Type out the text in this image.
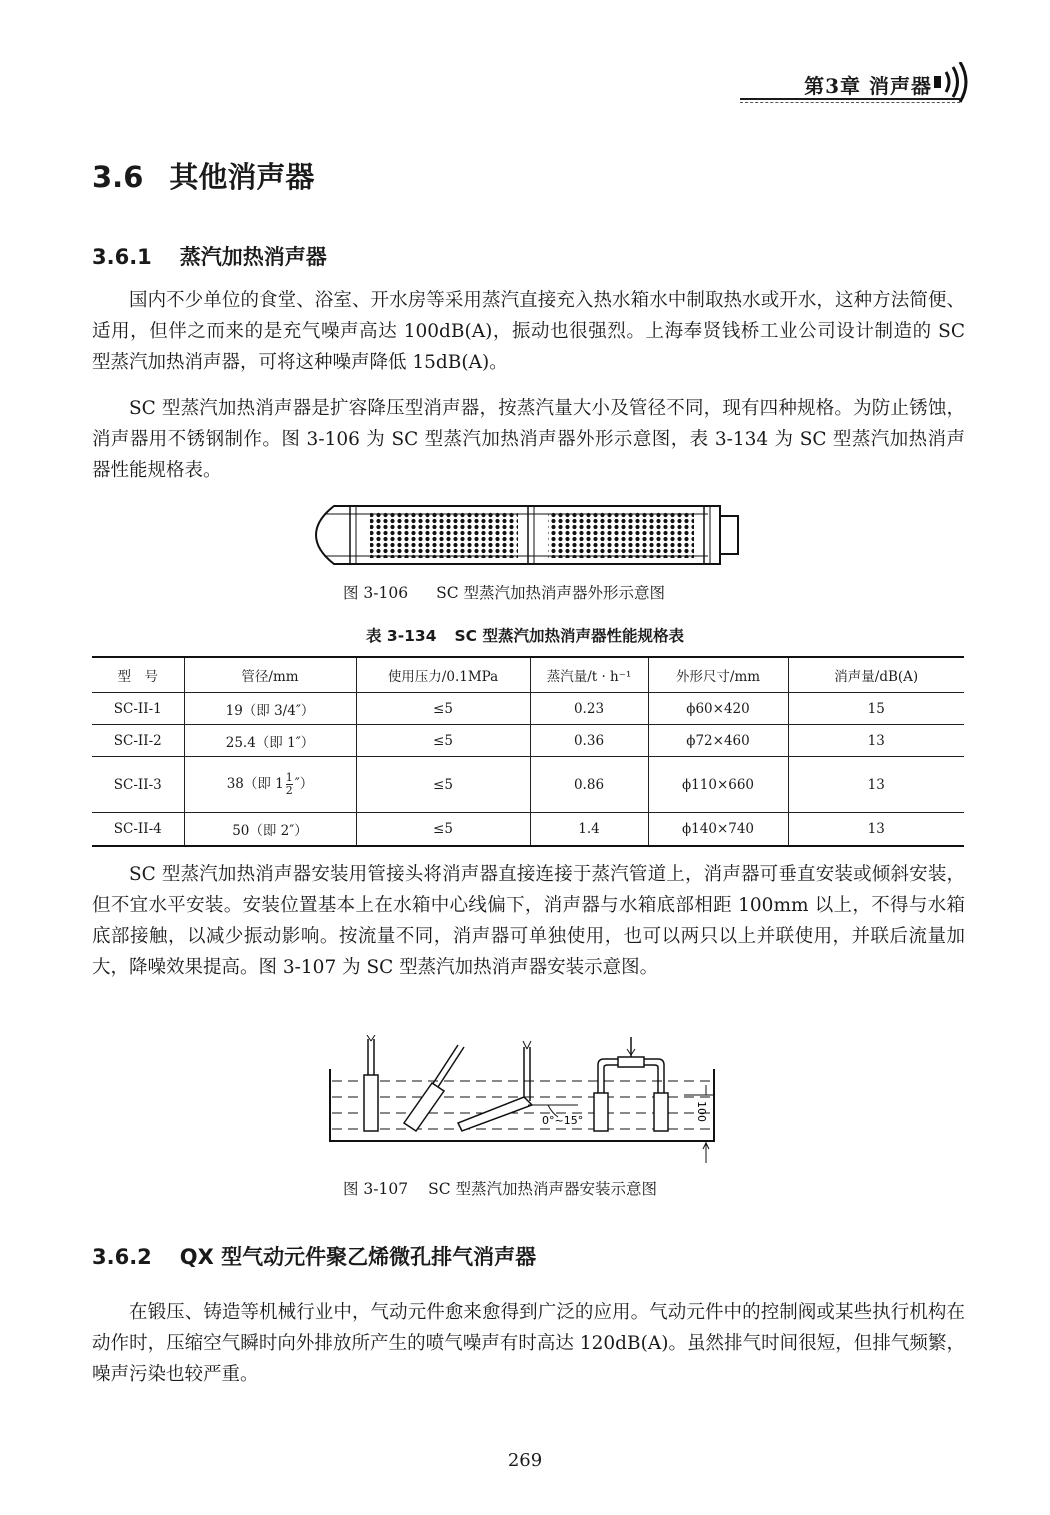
第3章 消声器
3.6 其他消声器
3.6.1 蒸汽加热消声器
国内不少单位的食堂、浴室、开水房等采用蒸汽直接充入热水箱水中制取热水或开水，这种方法简便、适用，但伴之而来的是充气噪声高达 100dB(A)，振动也很强烈。上海奉贤钱桥工业公司设计制造的 SC 型蒸汽加热消声器，可将这种噪声降低 15dB(A)。
SC 型蒸汽加热消声器是扩容降压型消声器，按蒸汽量大小及管径不同，现有四种规格。为防止锈蚀，消声器用不锈钢制作。图 3-106 为 SC 型蒸汽加热消声器外形示意图，表 3-134 为 SC 型蒸汽加热消声器性能规格表。
图 3-106 SC 型蒸汽加热消声器外形示意图
表 3-134 SC 型蒸汽加热消声器性能规格表
型　号	管径/mm	使用压力/0.1MPa	蒸汽量/t · h⁻¹	外形尺寸/mm	消声量/dB(A)
SC-II-1	19（即 3/4″）	≤5	0.23	ϕ60×420	15
SC-II-2	25.4（即 1″）	≤5	0.36	ϕ72×460	13
SC-II-3	38（即 $1 \frac{1}{2}$ ″）	≤5	0.86	ϕ110×660	13
SC-II-4	50（即 2″）	≤5	1.4	ϕ140×740	13
SC 型蒸汽加热消声器安装用管接头将消声器直接连接于蒸汽管道上，消声器可垂直安装或倾斜安装，但不宜水平安装。安装位置基本上在水箱中心线偏下，消声器与水箱底部相距 100mm 以上，不得与水箱底部接触，以减少振动影响。按流量不同，消声器可单独使用，也可以两只以上并联使用，并联后流量加大，降噪效果提高。图 3-107 为 SC 型蒸汽加热消声器安装示意图。
0°~15°	100
图 3-107 SC 型蒸汽加热消声器安装示意图
3.6.2 QX 型气动元件聚乙烯微孔排气消声器
在锻压、铸造等机械行业中，气动元件愈来愈得到广泛的应用。气动元件中的控制阀或某些执行机构在动作时，压缩空气瞬时向外排放所产生的喷气噪声有时高达 120dB(A)。虽然排气时间很短，但排气频繁，噪声污染也较严重。
269
